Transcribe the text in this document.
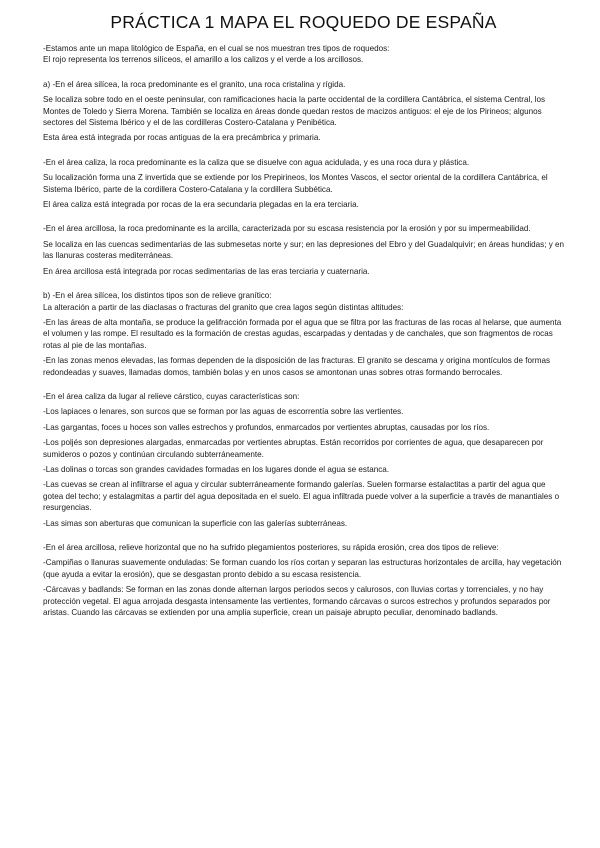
PRÁCTICA 1 MAPA EL ROQUEDO DE ESPAÑA

-Estamos ante un mapa litológico de España, en el cual se nos muestran tres tipos de roquedos:
El rojo representa los terrenos silíceos, el amarillo a los calizos y el verde a los arcillosos.

a) -En el área silícea, la roca predominante es el granito, una roca cristalina y rígida.

Se localiza sobre todo en el oeste peninsular, con ramificaciones hacia la parte occidental de la cordillera Cantábrica, el sistema Central, los Montes de Toledo y Sierra Morena. También se localiza en áreas donde quedan restos de macizos antiguos: el eje de los Pirineos; algunos sectores del Sistema Ibérico y el de las cordilleras Costero-Catalana y Penibética.

Esta área está integrada por rocas antiguas de la era precámbrica y primaria.

-En el área caliza, la roca predominante es la caliza que se disuelve con agua acidulada, y es una roca dura y plástica.

Su localización forma una Z invertida que se extiende por los Prepirineos, los Montes Vascos, el sector oriental de la cordillera Cantábrica, el Sistema Ibérico, parte de la cordillera Costero-Catalana y la cordillera Subbética.

El área caliza está integrada por rocas de la era secundaria plegadas en la era terciaria.

-En el área arcillosa, la roca predominante es la arcilla, caracterizada por su escasa resistencia por la erosión y por su impermeabilidad.

Se localiza en las cuencas sedimentarias de las submesetas norte y sur; en las depresiones del Ebro y del Guadalquivir; en áreas hundidas; y en las llanuras costeras mediterráneas.

En área arcillosa está integrada por rocas sedimentarias de las eras terciaria y cuaternaria.

b) -En el área silícea, los distintos tipos son de relieve granítico:
La alteración a partir de las diaclasas o fracturas del granito que crea lagos según distintas altitudes:

-En las áreas de alta montaña, se produce la gelifracción formada por el agua que se filtra por las fracturas de las rocas al helarse, que aumenta el volumen y las rompe. El resultado es la formación de crestas agudas, escarpadas y dentadas y de canchales, que son fragmentos de rocas rotas al pie de las montañas.

-En las zonas menos elevadas, las formas dependen de la disposición de las fracturas. El granito se descama y origina montículos de formas redondeadas y suaves, llamadas domos, también bolas y en unos casos se amontonan unas sobres otras formando berrocales.

-En el área caliza da lugar al relieve cárstico, cuyas características son:

-Los lapiaces o lenares, son surcos que se forman por las aguas de escorrentía sobre las vertientes.

-Las gargantas, foces u hoces son valles estrechos y profundos, enmarcados por vertientes abruptas, causadas por los ríos.

-Los poljés son depresiones alargadas, enmarcadas por vertientes abruptas. Están recorridos por corrientes de agua, que desaparecen por sumideros o pozos y continúan circulando subterráneamente.

-Las dolinas o torcas son grandes cavidades formadas en los lugares donde el agua se estanca.

-Las cuevas se crean al infiltrarse el agua y circular subterráneamente formando galerías. Suelen formarse estalactitas a partir del agua que gotea del techo; y estalagmitas a partir del agua depositada en el suelo. El agua infiltrada puede volver a la superficie a través de manantiales o resurgencias.

-Las simas son aberturas que comunican la superficie con las galerías subterráneas.

-En el área arcillosa, relieve horizontal que no ha sufrido plegamientos posteriores, su rápida erosión, crea dos tipos de relieve:

-Campiñas o llanuras suavemente onduladas: Se forman cuando los ríos cortan y separan las estructuras horizontales de arcilla, hay vegetación (que ayuda a evitar la erosión), que se desgastan pronto debido a su escasa resistencia.

-Cárcavas y badlands: Se forman en las zonas donde alternan largos periodos secos y calurosos, con lluvias cortas y torrenciales, y no hay protección vegetal. El agua arrojada desgasta intensamente las vertientes, formando cárcavas o surcos estrechos y profundos separados por aristas. Cuando las cárcavas se extienden por una amplia superficie, crean un paisaje abrupto peculiar, denominado badlands.
